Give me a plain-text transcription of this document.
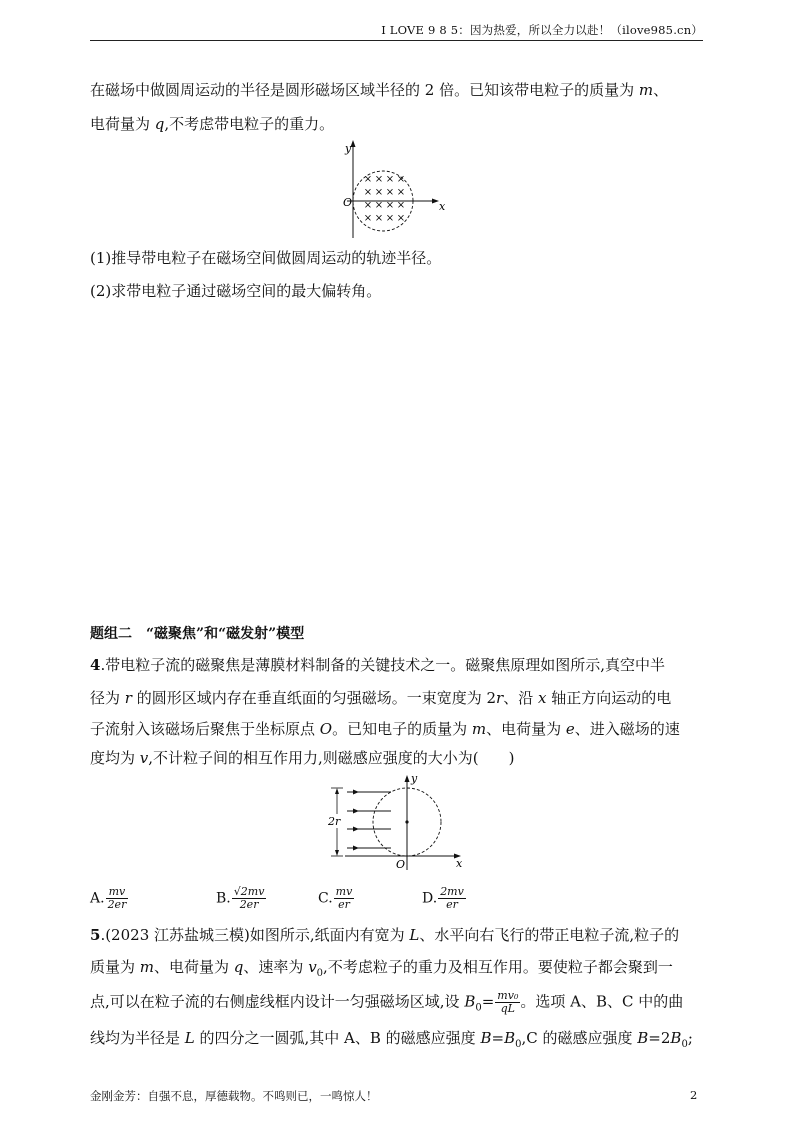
I LOVE 9 8 5：因为热爱，所以全力以赴！（ilove985.cn）
在磁场中做圆周运动的半径是圆形磁场区域半径的 2 倍。已知该带电粒子的质量为 m、
电荷量为 q,不考虑带电粒子的重力。
y
x
O
× × × ×
× × × ×
× × × ×
× × × ×
(1)推导带电粒子在磁场空间做圆周运动的轨迹半径。
(2)求带电粒子通过磁场空间的最大偏转角。
题组二　“磁聚焦”和“磁发射”模型
4.带电粒子流的磁聚焦是薄膜材料制备的关键技术之一。磁聚焦原理如图所示,真空中半
径为 r 的圆形区域内存在垂直纸面的匀强磁场。一束宽度为 2r、沿 x 轴正方向运动的电
子流射入该磁场后聚焦于坐标原点 O。已知电子的质量为 m、电荷量为 e、进入磁场的速
度均为 v,不计粒子间的相互作用力,则磁感应强度的大小为(　　)
2r
y
x
O
A. $\frac{mv}{2er}$	B. $\frac{√2mv}{2er}$	C. $\frac{mv}{er}$	D. $\frac{2mv}{er}$
5.(2023 江苏盐城三模)如图所示,纸面内有宽为 L、水平向右飞行的带正电粒子流,粒子的
质量为 m、电荷量为 q、速率为 $v_0$,不考虑粒子的重力及相互作用。要使粒子都会聚到一
点,可以在粒子流的右侧虚线框内设计一匀强磁场区域,设 $B_0= \frac{\text{mv₀}}{qL}$ 。选项 A、B、C 中的曲
线均为半径是 L 的四分之一圆弧,其中 A、B 的磁感应强度 $B=B_0,C$ 的磁感应强度 $B=2B_0$;
金刚金芳：自强不息，厚德载物。不鸣则已，一鸣惊人！	2
